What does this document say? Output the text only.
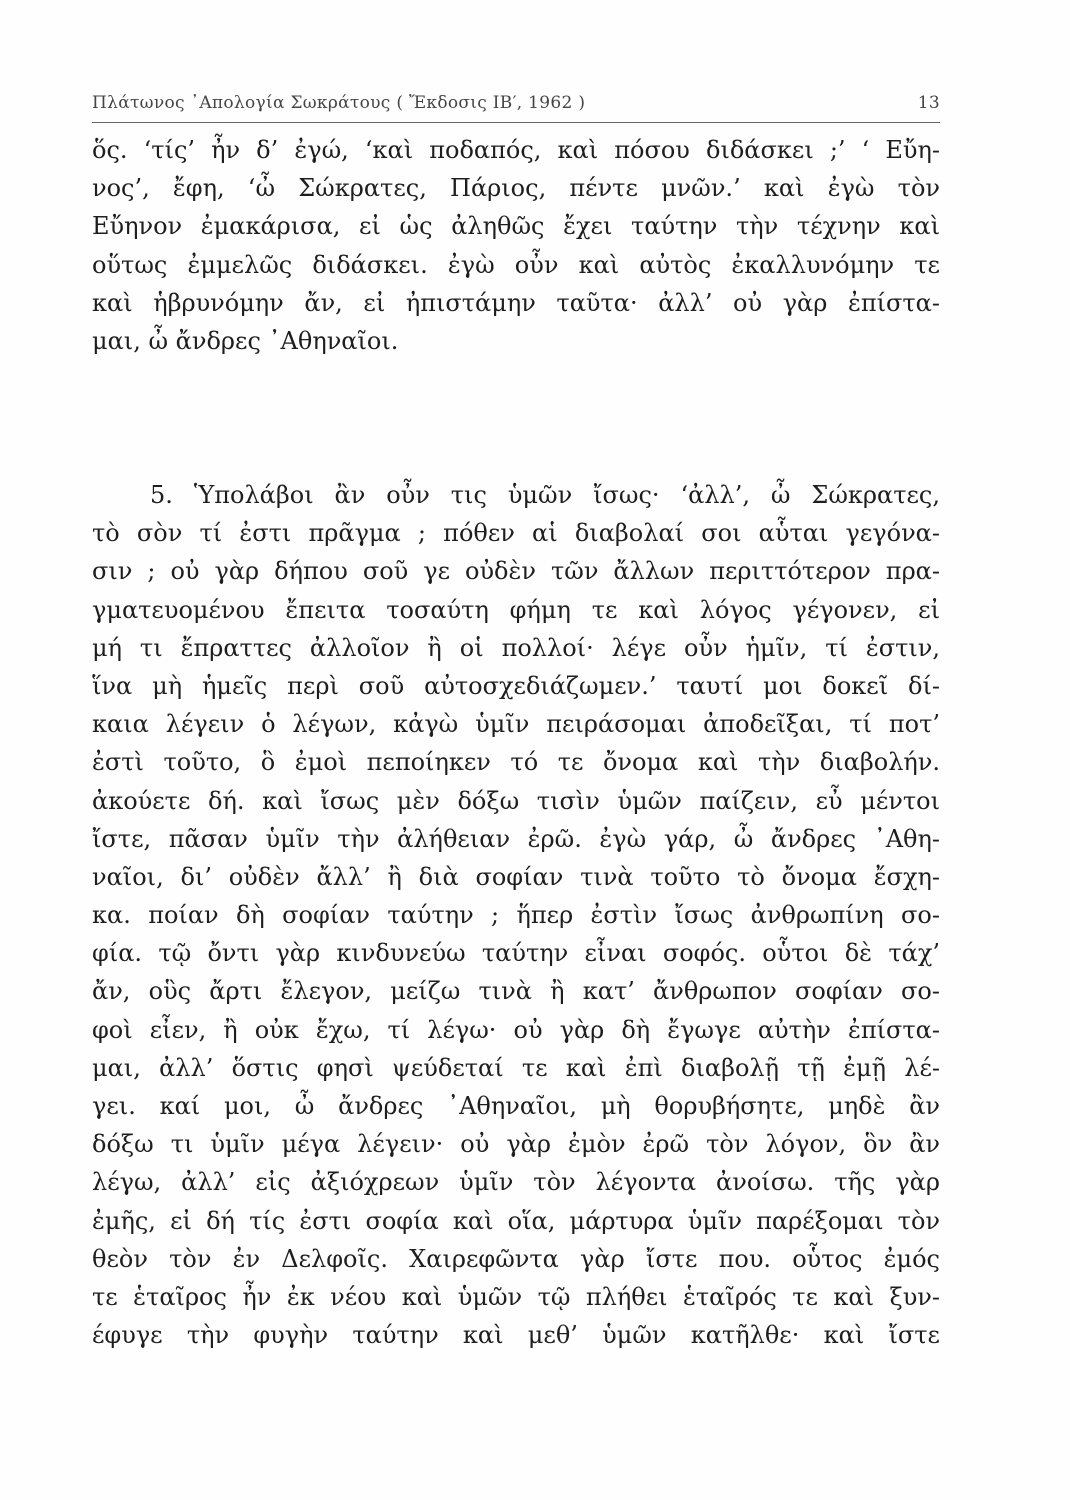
Πλάτωνος ᾿Απολογία Σωκράτους ( Ἔκδοσις ΙΒ′, 1962 )	13
ὅς. ‘τίς’ ἦν δ’ ἐγώ, ‘καὶ ποδαπός, καὶ πόσου διδάσκει ;’ ‘ Εὔη-
νος’, ἔφη, ‘ὦ Σώκρατες, Πάριος, πέντε μνῶν.’ καὶ ἐγὼ τὸν
Εὔηνον ἐμακάρισα, εἰ ὡς ἀληθῶς ἔχει ταύτην τὴν τέχνην καὶ
οὕτως ἐμμελῶς διδάσκει. ἐγὼ οὖν καὶ αὐτὸς ἐκαλλυνόμην τε
καὶ ἡβρυνόμην ἄν, εἰ ἠπιστάμην ταῦτα· ἀλλ’ οὐ γὰρ ἐπίστα-
μαι, ὦ ἄνδρες ᾿Αθηναῖοι.
5. Ὑπολάβοι ἂν οὖν τις ὑμῶν ἴσως· ‘ἀλλ’, ὦ Σώκρατες,
τὸ σὸν τί ἐστι πρᾶγμα ; πόθεν αἱ διαβολαί σοι αὗται γεγόνα-
σιν ; οὐ γὰρ δήπου σοῦ γε οὐδὲν τῶν ἄλλων περιττότερον πρα-
γματευομένου ἔπειτα τοσαύτη φήμη τε καὶ λόγος γέγονεν, εἰ
μή τι ἔπραττες ἀλλοῖον ἢ οἱ πολλοί· λέγε οὖν ἡμῖν, τί ἐστιν,
ἵνα μὴ ἡμεῖς περὶ σοῦ αὐτοσχεδιάζωμεν.’ ταυτί μοι δοκεῖ δί-
καια λέγειν ὁ λέγων, κἀγὼ ὑμῖν πειράσομαι ἀποδεῖξαι, τί ποτ’
ἐστὶ τοῦτο, ὃ ἐμοὶ πεποίηκεν τό τε ὄνομα καὶ τὴν διαβολήν.
ἀκούετε δή. καὶ ἴσως μὲν δόξω τισὶν ὑμῶν παίζειν, εὖ μέντοι
ἴστε, πᾶσαν ὑμῖν τὴν ἀλήθειαν ἐρῶ. ἐγὼ γάρ, ὦ ἄνδρες ᾿Αθη-
ναῖοι, δι’ οὐδὲν ἄλλ’ ἢ διὰ σοφίαν τινὰ τοῦτο τὸ ὄνομα ἔσχη-
κα. ποίαν δὴ σοφίαν ταύτην ; ἥπερ ἐστὶν ἴσως ἀνθρωπίνη σο-
φία. τῷ ὄντι γὰρ κινδυνεύω ταύτην εἶναι σοφός. οὗτοι δὲ τάχ’
ἄν, οὓς ἄρτι ἔλεγον, μείζω τινὰ ἢ κατ’ ἄνθρωπον σοφίαν σο-
φοὶ εἶεν, ἢ οὐκ ἔχω, τί λέγω· οὐ γὰρ δὴ ἔγωγε αὐτὴν ἐπίστα-
μαι, ἀλλ’ ὅστις φησὶ ψεύδεταί τε καὶ ἐπὶ διαβολῇ τῇ ἐμῇ λέ-
γει. καί μοι, ὦ ἄνδρες ᾿Αθηναῖοι, μὴ θορυβήσητε, μηδὲ ἂν
δόξω τι ὑμῖν μέγα λέγειν· οὐ γὰρ ἐμὸν ἐρῶ τὸν λόγον, ὃν ἂν
λέγω, ἀλλ’ εἰς ἀξιόχρεων ὑμῖν τὸν λέγοντα ἀνοίσω. τῆς γὰρ
ἐμῆς, εἰ δή τίς ἐστι σοφία καὶ οἵα, μάρτυρα ὑμῖν παρέξομαι τὸν
θεὸν τὸν ἐν Δελφοῖς. Χαιρεφῶντα γὰρ ἴστε που. οὗτος ἐμός
τε ἑταῖρος ἦν ἐκ νέου καὶ ὑμῶν τῷ πλήθει ἑταῖρός τε καὶ ξυν-
έφυγε τὴν φυγὴν ταύτην καὶ μεθ’ ὑμῶν κατῆλθε· καὶ ἴστε
